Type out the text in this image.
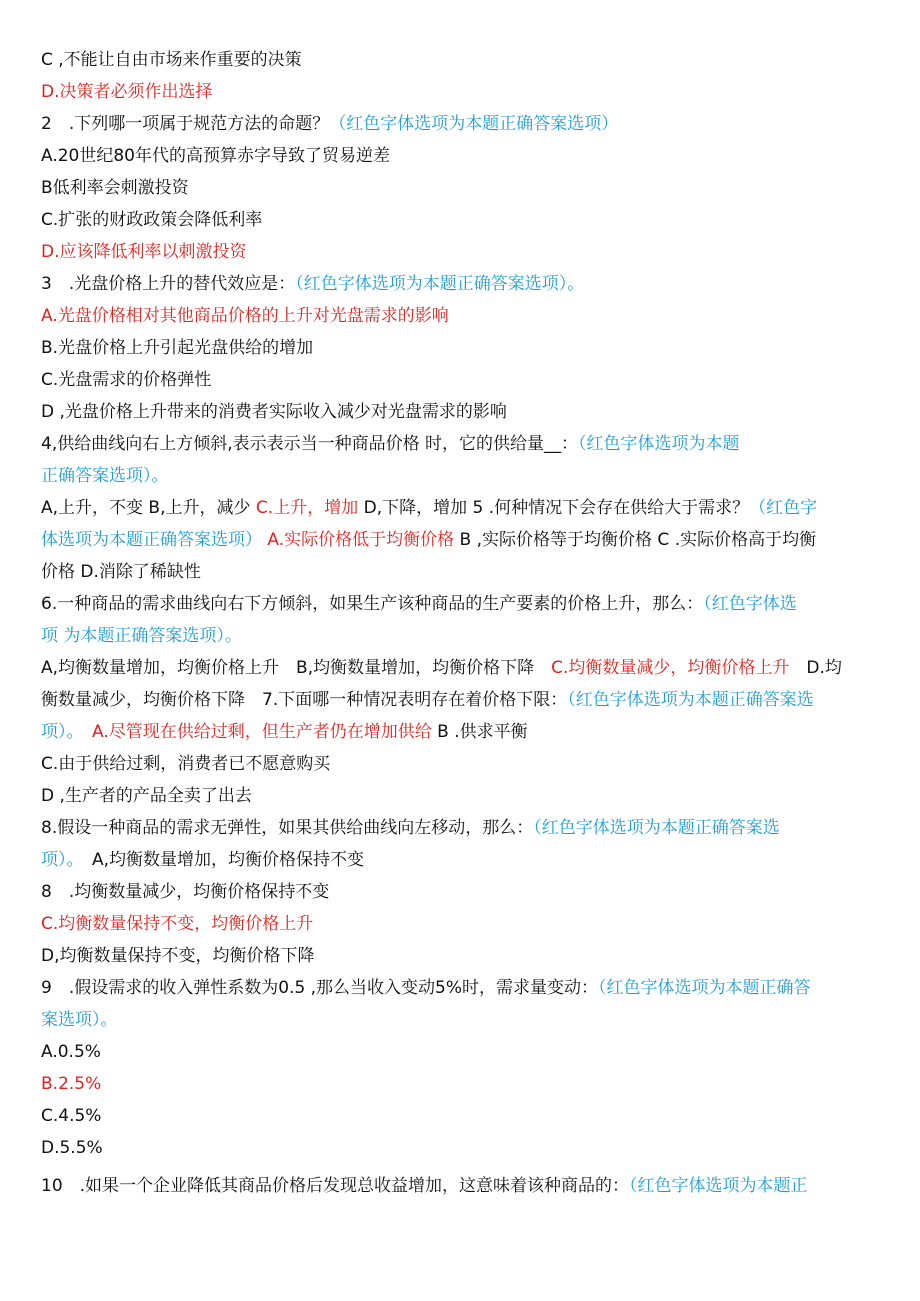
C ,不能让自由市场来作重要的决策
D.决策者必须作出选择
2　.下列哪一项属于规范方法的命题？（红色字体选项为本题正确答案选项）
A.20世纪80年代的高预算赤字导致了贸易逆差
B低利率会刺激投资
C.扩张的财政政策会降低利率
D.应该降低利率以刺激投资
3　.光盘价格上升的替代效应是：（红色字体选项为本题正确答案选项）。
A.光盘价格相对其他商品价格的上升对光盘需求的影响
B.光盘价格上升引起光盘供给的增加
C.光盘需求的价格弹性
D ,光盘价格上升带来的消费者实际收入减少对光盘需求的影响
4,供给曲线向右上方倾斜,表示表示当一种商品价格 时，它的供给量__：（红色字体选项为本题
正确答案选项）。
A,上升，不变 B,上升，减少 C.上升，增加 D,下降，增加 5 .何种情况下会存在供给大于需求？（红色字
体选项为本题正确答案选项） A.实际价格低于均衡价格 B ,实际价格等于均衡价格 C .实际价格高于均衡
价格 D.消除了稀缺性
6.一种商品的需求曲线向右下方倾斜，如果生产该种商品的生产要素的价格上升，那么：（红色字体选
项 为本题正确答案选项）。
A,均衡数量增加，均衡价格上升　B,均衡数量增加，均衡价格下降　C.均衡数量减少，均衡价格上升　D.均
衡数量减少，均衡价格下降　7.下面哪一种情况表明存在着价格下限：（红色字体选项为本题正确答案选
项）。　A.尽管现在供给过剩，但生产者仍在增加供给 B .供求平衡
C.由于供给过剩，消费者已不愿意购买
D ,生产者的产品全卖了出去
8.假设一种商品的需求无弹性，如果其供给曲线向左移动，那么：（红色字体选项为本题正确答案选
项）。　A,均衡数量增加，均衡价格保持不变
8　.均衡数量减少，均衡价格保持不变
C.均衡数量保持不变，均衡价格上升
D,均衡数量保持不变，均衡价格下降
9　.假设需求的收入弹性系数为0.5 ,那么当收入变动5%时，需求量变动：（红色字体选项为本题正确答
案选项）。
A.0.5%
B.2.5%
C.4.5%
D.5.5%
10　.如果一个企业降低其商品价格后发现总收益增加，这意味着该种商品的：（红色字体选项为本题正
